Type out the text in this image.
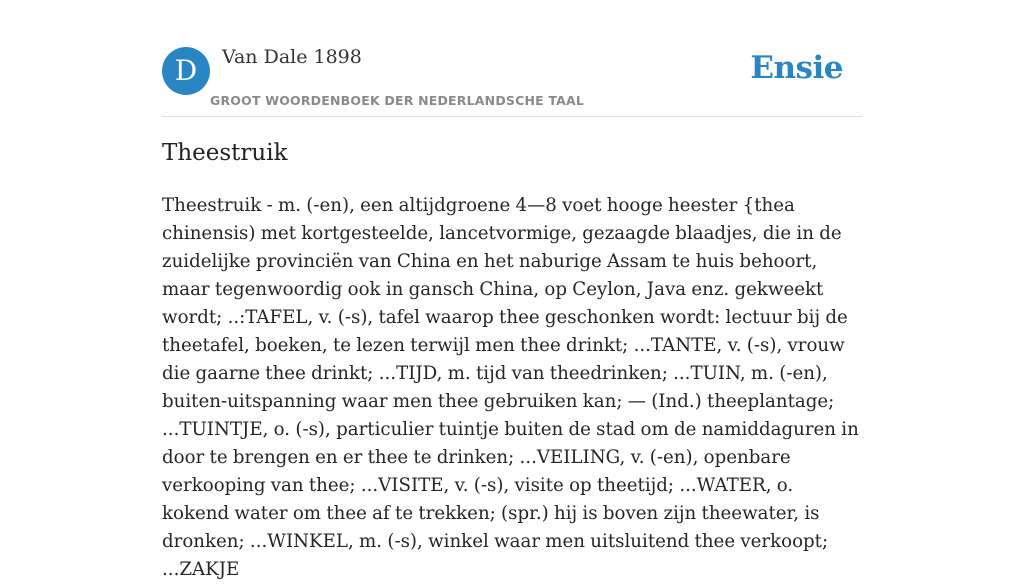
D	Van Dale 1898
GROOT WOORDENBOEK DER NEDERLANDSCHE TAAL
Ensie
Theestruik

Theestruik - m. (-en), een altijdgroene 4—8 voet hooge heester {thea chinensis) met kortgesteelde, lancetvormige, gezaagde blaadjes, die in de zuidelijke provinciën van China en het naburige Assam te huis behoort, maar tegenwoordig ook in gansch China, op Ceylon, Java enz. gekweekt wordt; ..:TAFEL, v. (-s), tafel waarop thee geschonken wordt: lectuur bij de theetafel, boeken, te lezen terwijl men thee drinkt; ...TANTE, v. (-s), vrouw die gaarne thee drinkt; ...TIJD, m. tijd van theedrinken; ...TUIN, m. (-en), buiten-uitspanning waar men thee gebruiken kan; — (Ind.) theeplantage; ...TUINTJE, o. (-s), particulier tuintje buiten de stad om de namiddaguren in door te brengen en er thee te drinken; ...VEILING, v. (-en), openbare verkooping van thee; ...VISITE, v. (-s), visite op theetijd; ...WATER, o. kokend water om thee af te trekken; (spr.) hij is boven zijn theewater, is dronken; ...WINKEL, m. (-s), winkel waar men uitsluitend thee verkoopt; ...ZAKJE
